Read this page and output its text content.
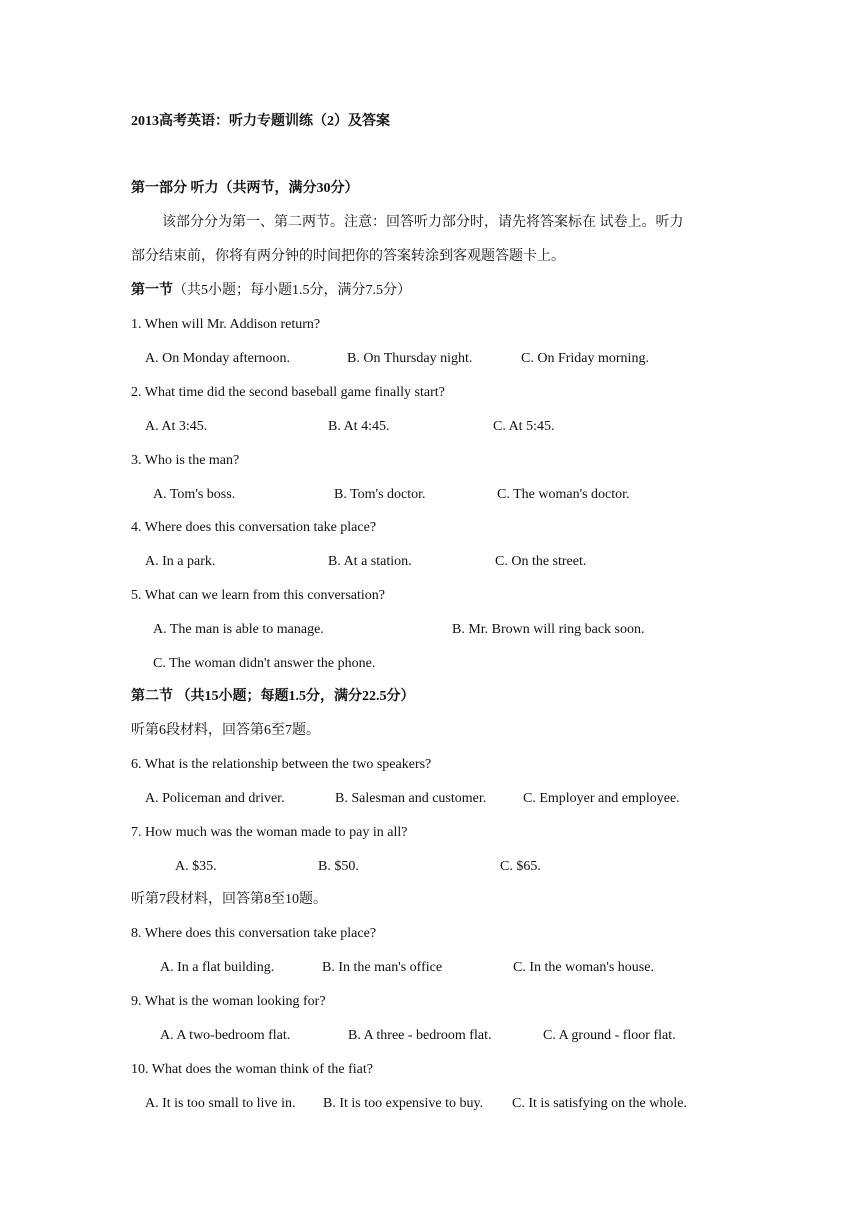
2013高考英语：听力专题训练（2）及答案
第一部分 听力（共两节，满分30分）
该部分分为第一、第二两节。注意：回答听力部分时，请先将答案标在 试卷上。听力
部分结束前，你将有两分钟的时间把你的答案转涂到客观题答题卡上。
第一节（共5小题；每小题1.5分，满分7.5分）
1. When will Mr. Addison return?
A. On Monday afternoon.	B. On Thursday night.	C. On Friday morning.
2. What time did the second baseball game finally start?
A. At 3:45.	B. At 4:45.	C. At 5:45.
3. Who is the man?
A. Tom's boss.	B. Tom's doctor.	C. The woman's doctor.
4. Where does this conversation take place?
A. In a park.	B. At a station.	C. On the street.
5. What can we learn from this conversation?
A. The man is able to manage.	B. Mr. Brown will ring back soon.
C. The woman didn't answer the phone.
第二节 （共15小题；每题1.5分，满分22.5分）
听第6段材料，回答第6至7题。
6. What is the relationship between the two speakers?
A. Policeman and driver.	B. Salesman and customer.	C. Employer and employee.
7. How much was the woman made to pay in all?
A. $35.	B. $50.	C. $65.
听第7段材料，回答第8至10题。
8. Where does this conversation take place?
A. In a flat building.	B. In the man's office	C. In the woman's house.
9. What is the woman looking for?
A. A two-bedroom flat.	B. A three - bedroom flat.	C. A ground - floor flat.
10. What does the woman think of the fiat?
A. It is too small to live in. B. It is too expensive to buy. C. It is satisfying on the whole.
